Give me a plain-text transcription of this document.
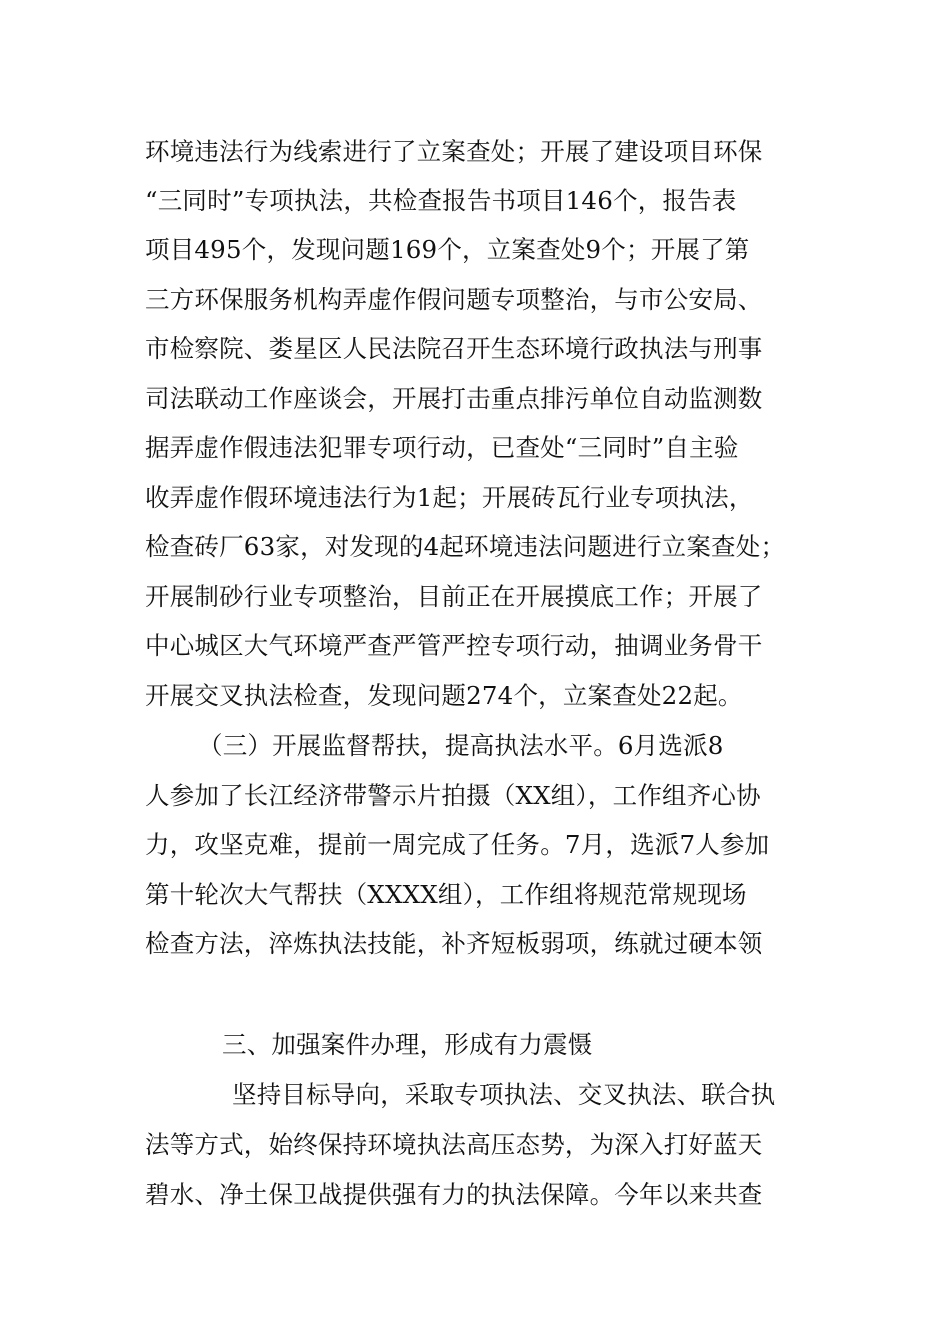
环境违法行为线索进行了立案查处；开展了建设项目环保
“三同时”专项执法，共检查报告书项目146个，报告表
项目495个，发现问题169个，立案查处9个；开展了第
三方环保服务机构弄虚作假问题专项整治，与市公安局、
市检察院、娄星区人民法院召开生态环境行政执法与刑事
司法联动工作座谈会，开展打击重点排污单位自动监测数
据弄虚作假违法犯罪专项行动，已查处“三同时”自主验
收弄虚作假环境违法行为1起；开展砖瓦行业专项执法，
检查砖厂63家，对发现的4起环境违法问题进行立案查处；
开展制砂行业专项整治，目前正在开展摸底工作；开展了
中心城区大气环境严查严管严控专项行动，抽调业务骨干
开展交叉执法检查，发现问题274个，立案查处22起。
（三）开展监督帮扶，提高执法水平。6月选派8
人参加了长江经济带警示片拍摄（XX组），工作组齐心协
力，攻坚克难，提前一周完成了任务。7月，选派7人参加
第十轮次大气帮扶（XXXX组），工作组将规范常规现场
检查方法，淬炼执法技能，补齐短板弱项，练就过硬本领
三、加强案件办理，形成有力震慑
坚持目标导向，采取专项执法、交叉执法、联合执
法等方式，始终保持环境执法高压态势，为深入打好蓝天
碧水、净土保卫战提供强有力的执法保障。今年以来共查
